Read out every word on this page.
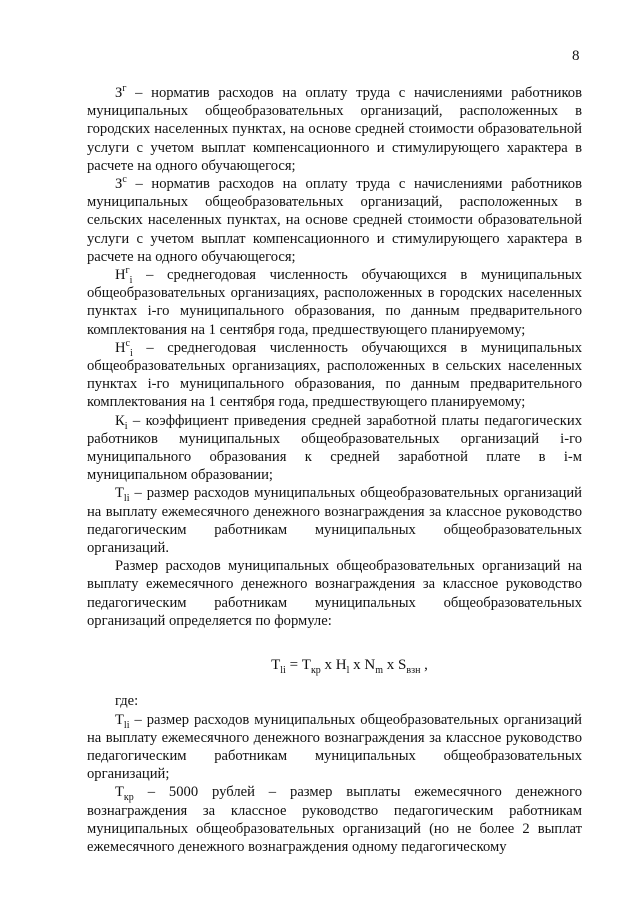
8

$З^г$ – норматив расходов на оплату труда с начислениями работников муниципальных общеобразовательных организаций, расположенных в городских населенных пунктах, на основе средней стоимости образовательной услуги с учетом выплат компенсационного и стимулирующего характера в расчете на одного обучающегося;

$З^с$ – норматив расходов на оплату труда с начислениями работников муниципальных общеобразовательных организаций, расположенных в сельских населенных пунктах, на основе средней стоимости образовательной услуги с учетом выплат компенсационного и стимулирующего характера в расчете на одного обучающегося;

$Н^г_i$ – среднегодовая численность обучающихся в муниципальных общеобразовательных организациях, расположенных в городских населенных пунктах i-го муниципального образования, по данным предварительного комплектования на 1 сентября года, предшествующего планируемому;

$Н^с_i$ – среднегодовая численность обучающихся в муниципальных общеобразовательных организациях, расположенных в сельских населенных пунктах i-го муниципального образования, по данным предварительного комплектования на 1 сентября года, предшествующего планируемому;

$К_i$ – коэффициент приведения средней заработной платы педагогических работников муниципальных общеобразовательных организаций i-го муниципального образования к средней заработной плате в i-м муниципальном образовании;

$Т_{li}$ – размер расходов муниципальных общеобразовательных организаций на выплату ежемесячного денежного вознаграждения за классное руководство педагогическим работникам муниципальных общеобразовательных организаций.

Размер расходов муниципальных общеобразовательных организаций на выплату ежемесячного денежного вознаграждения за классное руководство педагогическим работникам муниципальных общеобразовательных организаций определяется по формуле:

$Т_{li} = Т_{кр}$ х $Н_l$ х $N_m$ х $S_{взн}$ ,

где:

$Т_{li}$ – размер расходов муниципальных общеобразовательных организаций на выплату ежемесячного денежного вознаграждения за классное руководство педагогическим работникам муниципальных общеобразовательных организаций;

$Т_{кр} - 5000$ рублей – размер выплаты ежемесячного денежного вознаграждения за классное руководство педагогическим работникам муниципальных общеобразовательных организаций (но не более 2 выплат ежемесячного денежного вознаграждения одному педагогическому
